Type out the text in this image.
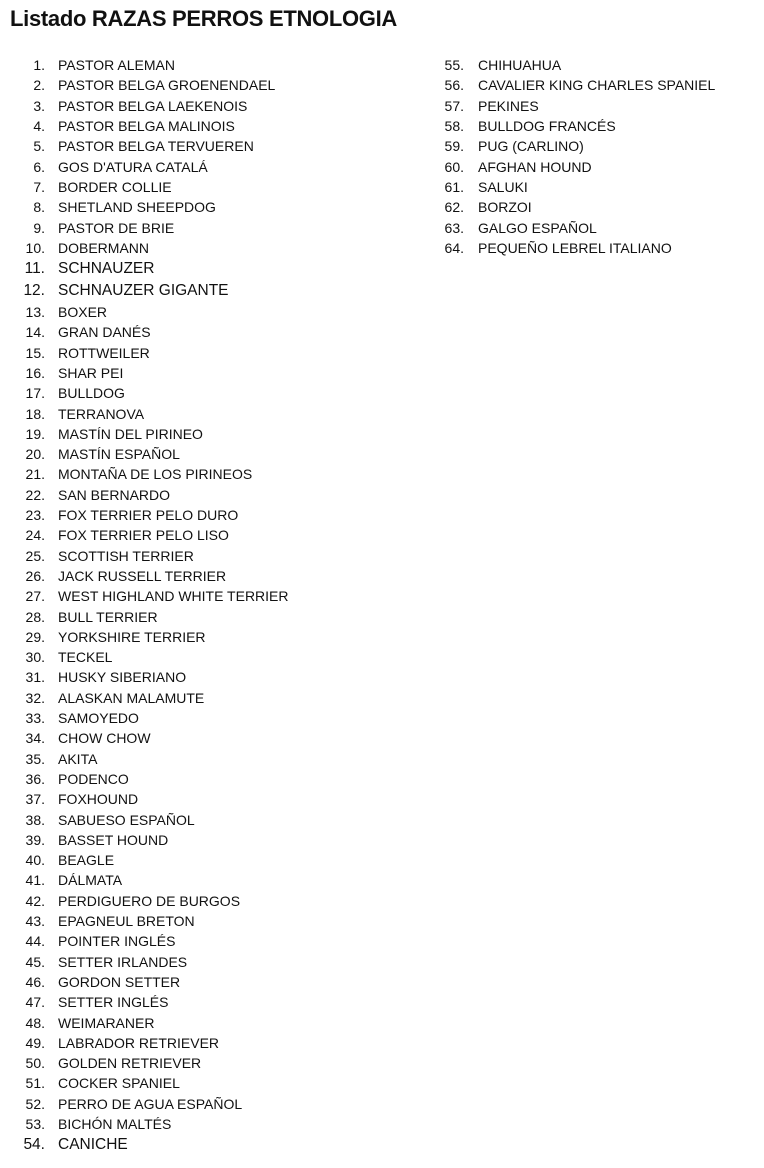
Listado RAZAS PERROS ETNOLOGIA
1. PASTOR ALEMAN
2. PASTOR BELGA GROENENDAEL
3. PASTOR BELGA LAEKENOIS
4. PASTOR BELGA MALINOIS
5. PASTOR BELGA TERVUEREN
6. GOS D'ATURA CATALÁ
7. BORDER COLLIE
8. SHETLAND SHEEPDOG
9. PASTOR DE BRIE
10. DOBERMANN
11. SCHNAUZER
12. SCHNAUZER GIGANTE
13. BOXER
14. GRAN DANÉS
15. ROTTWEILER
16. SHAR PEI
17. BULLDOG
18. TERRANOVA
19. MASTÍN DEL PIRINEO
20. MASTÍN ESPAÑOL
21. MONTAÑA DE LOS PIRINEOS
22. SAN BERNARDO
23. FOX TERRIER PELO DURO
24. FOX TERRIER PELO LISO
25. SCOTTISH TERRIER
26. JACK RUSSELL TERRIER
27. WEST HIGHLAND WHITE TERRIER
28. BULL TERRIER
29. YORKSHIRE TERRIER
30. TECKEL
31. HUSKY SIBERIANO
32. ALASKAN MALAMUTE
33. SAMOYEDO
34. CHOW CHOW
35. AKITA
36. PODENCO
37. FOXHOUND
38. SABUESO ESPAÑOL
39. BASSET HOUND
40. BEAGLE
41. DÁLMATA
42. PERDIGUERO DE BURGOS
43. EPAGNEUL BRETON
44. POINTER INGLÉS
45. SETTER IRLANDES
46. GORDON SETTER
47. SETTER INGLÉS
48. WEIMARANER
49. LABRADOR RETRIEVER
50. GOLDEN RETRIEVER
51. COCKER SPANIEL
52. PERRO DE AGUA ESPAÑOL
53. BICHÓN MALTÉS
54. CANICHE
55.	CHIHUAHUA
56.	CAVALIER KING CHARLES SPANIEL
57.	PEKINES
58.	BULLDOG FRANCÉS
59.	PUG (CARLINO)
60.	AFGHAN HOUND
61.	SALUKI
62.	BORZOI
63.	GALGO ESPAÑOL
64.	PEQUEÑO LEBREL ITALIANO
